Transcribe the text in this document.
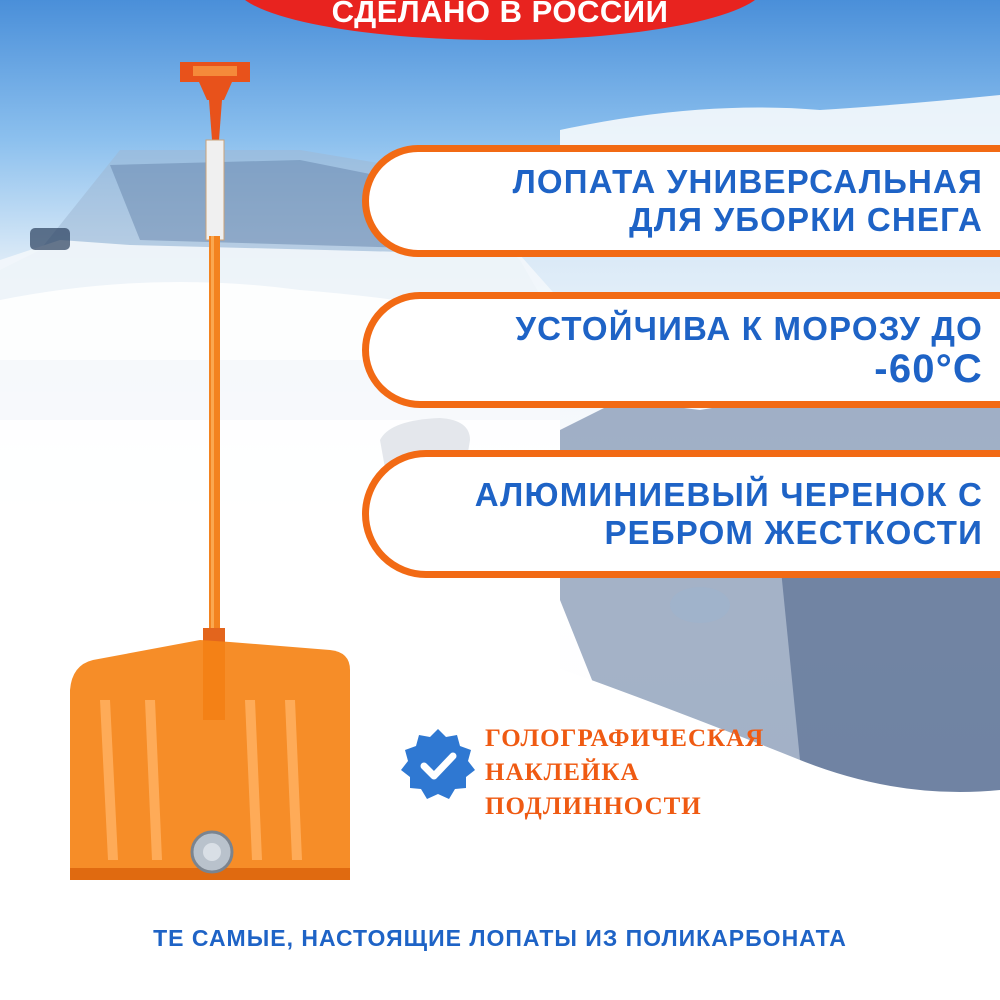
СДЕЛАНО В РОССИИ
ЛОПАТА УНИВЕРСАЛЬНАЯ
ДЛЯ УБОРКИ СНЕГА
УСТОЙЧИВА К МОРОЗУ ДО
-60°C
АЛЮМИНИЕВЫЙ ЧЕРЕНОК С
РЕБРОМ ЖЕСТКОСТИ
ГОЛОГРАФИЧЕСКАЯ
НАКЛЕЙКА
ПОДЛИННОСТИ
ТЕ САМЫЕ, НАСТОЯЩИЕ ЛОПАТЫ ИЗ ПОЛИКАРБОНАТА
